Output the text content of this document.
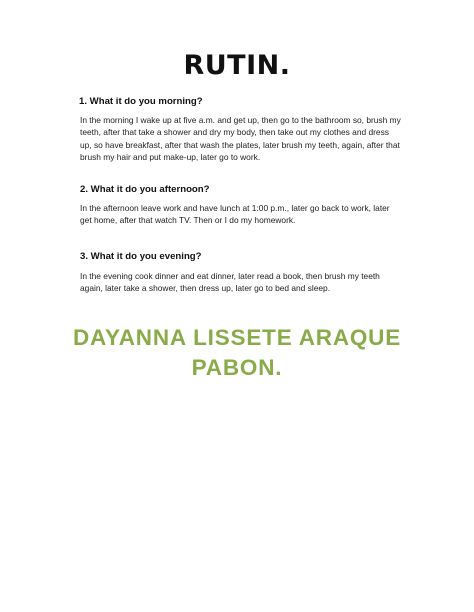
RUTIN.
1. What it do you morning?
In the morning I wake up at five a.m. and get up, then go to the bathroom so, brush my
teeth, after that take a shower and dry my body, then take out my clothes and dress
up, so have breakfast, after that wash the plates, later brush my teeth, again, after that
brush my hair and put make-up, later go to work.
2. What it do you afternoon?
In the afternoon leave work and have lunch at 1:00 p.m., later go back to work, later
get home, after that watch TV. Then or I do my homework.
3. What it do you evening?
In the evening cook dinner and eat dinner, later read a book, then brush my teeth
again, later take a shower, then dress up, later go to bed and sleep.
DAYANNA LISSETE ARAQUE
PABON.
